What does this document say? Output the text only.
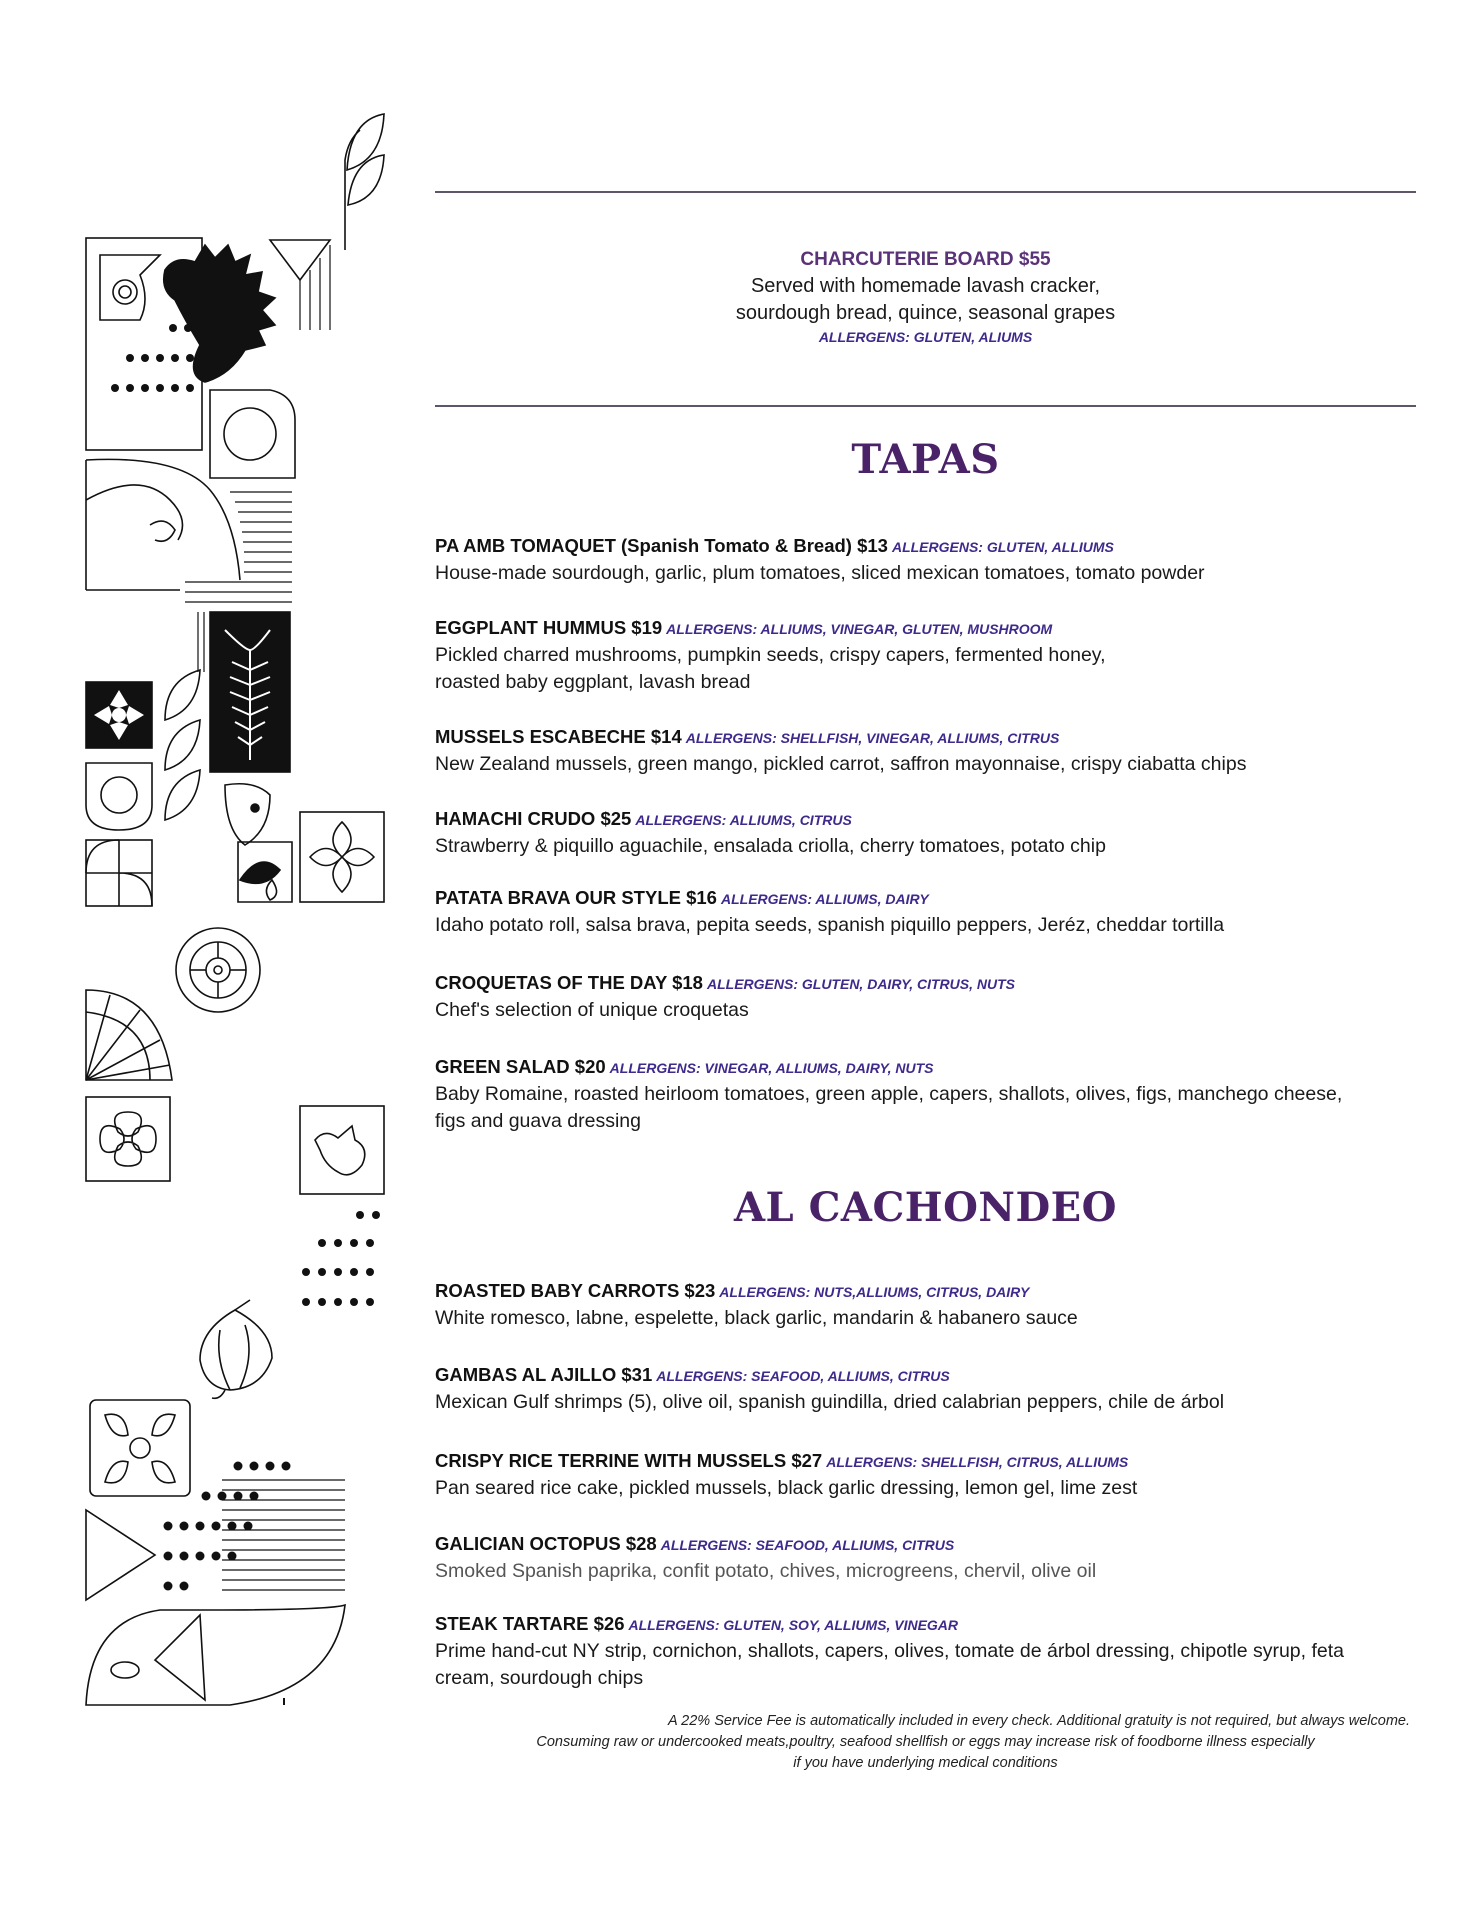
CHARCUTERIE BOARD $55
Served with homemade lavash cracker,
sourdough bread, quince, seasonal grapes
ALLERGENS: GLUTEN, ALIUMS
TAPAS
PA AMB TOMAQUET (Spanish Tomato & Bread) $13 ALLERGENS: GLUTEN, ALLIUMS
House-made sourdough, garlic, plum tomatoes, sliced mexican tomatoes, tomato powder
EGGPLANT HUMMUS $19 ALLERGENS: ALLIUMS, VINEGAR, GLUTEN, MUSHROOM
Pickled charred mushrooms, pumpkin seeds, crispy capers, fermented honey,
roasted baby eggplant, lavash bread
MUSSELS ESCABECHE $14 ALLERGENS: SHELLFISH, VINEGAR, ALLIUMS, CITRUS
New Zealand mussels, green mango, pickled carrot, saffron mayonnaise, crispy ciabatta chips
HAMACHI CRUDO $25 ALLERGENS: ALLIUMS, CITRUS
Strawberry & piquillo aguachile, ensalada criolla, cherry tomatoes, potato chip
PATATA BRAVA OUR STYLE $16 ALLERGENS: ALLIUMS, DAIRY
Idaho potato roll, salsa brava, pepita seeds, spanish piquillo peppers, Jeréz, cheddar tortilla
CROQUETAS OF THE DAY $18 ALLERGENS: GLUTEN, DAIRY, CITRUS, NUTS
Chef's selection of unique croquetas
GREEN SALAD $20 ALLERGENS: VINEGAR, ALLIUMS, DAIRY, NUTS
Baby Romaine, roasted heirloom tomatoes, green apple, capers, shallots, olives, figs, manchego cheese,
figs and guava dressing
AL CACHONDEO
ROASTED BABY CARROTS $23 ALLERGENS: NUTS,ALLIUMS, CITRUS, DAIRY
White romesco, labne, espelette, black garlic, mandarin & habanero sauce
GAMBAS AL AJILLO $31 ALLERGENS: SEAFOOD, ALLIUMS, CITRUS
Mexican Gulf shrimps (5), olive oil, spanish guindilla, dried calabrian peppers, chile de árbol
CRISPY RICE TERRINE WITH MUSSELS $27 ALLERGENS: SHELLFISH, CITRUS, ALLIUMS
Pan seared rice cake, pickled mussels, black garlic dressing, lemon gel, lime zest
GALICIAN OCTOPUS $28 ALLERGENS: SEAFOOD, ALLIUMS, CITRUS
Smoked Spanish paprika, confit potato, chives, microgreens, chervil, olive oil
STEAK TARTARE $26 ALLERGENS: GLUTEN, SOY, ALLIUMS, VINEGAR
Prime hand-cut NY strip, cornichon, shallots, capers, olives, tomate de árbol dressing, chipotle syrup, feta
cream, sourdough chips
A 22% Service Fee is automatically included in every check. Additional gratuity is not required, but always welcome.
Consuming raw or undercooked meats,poultry, seafood shellfish or eggs may increase risk of foodborne illness especially
if you have underlying medical conditions
